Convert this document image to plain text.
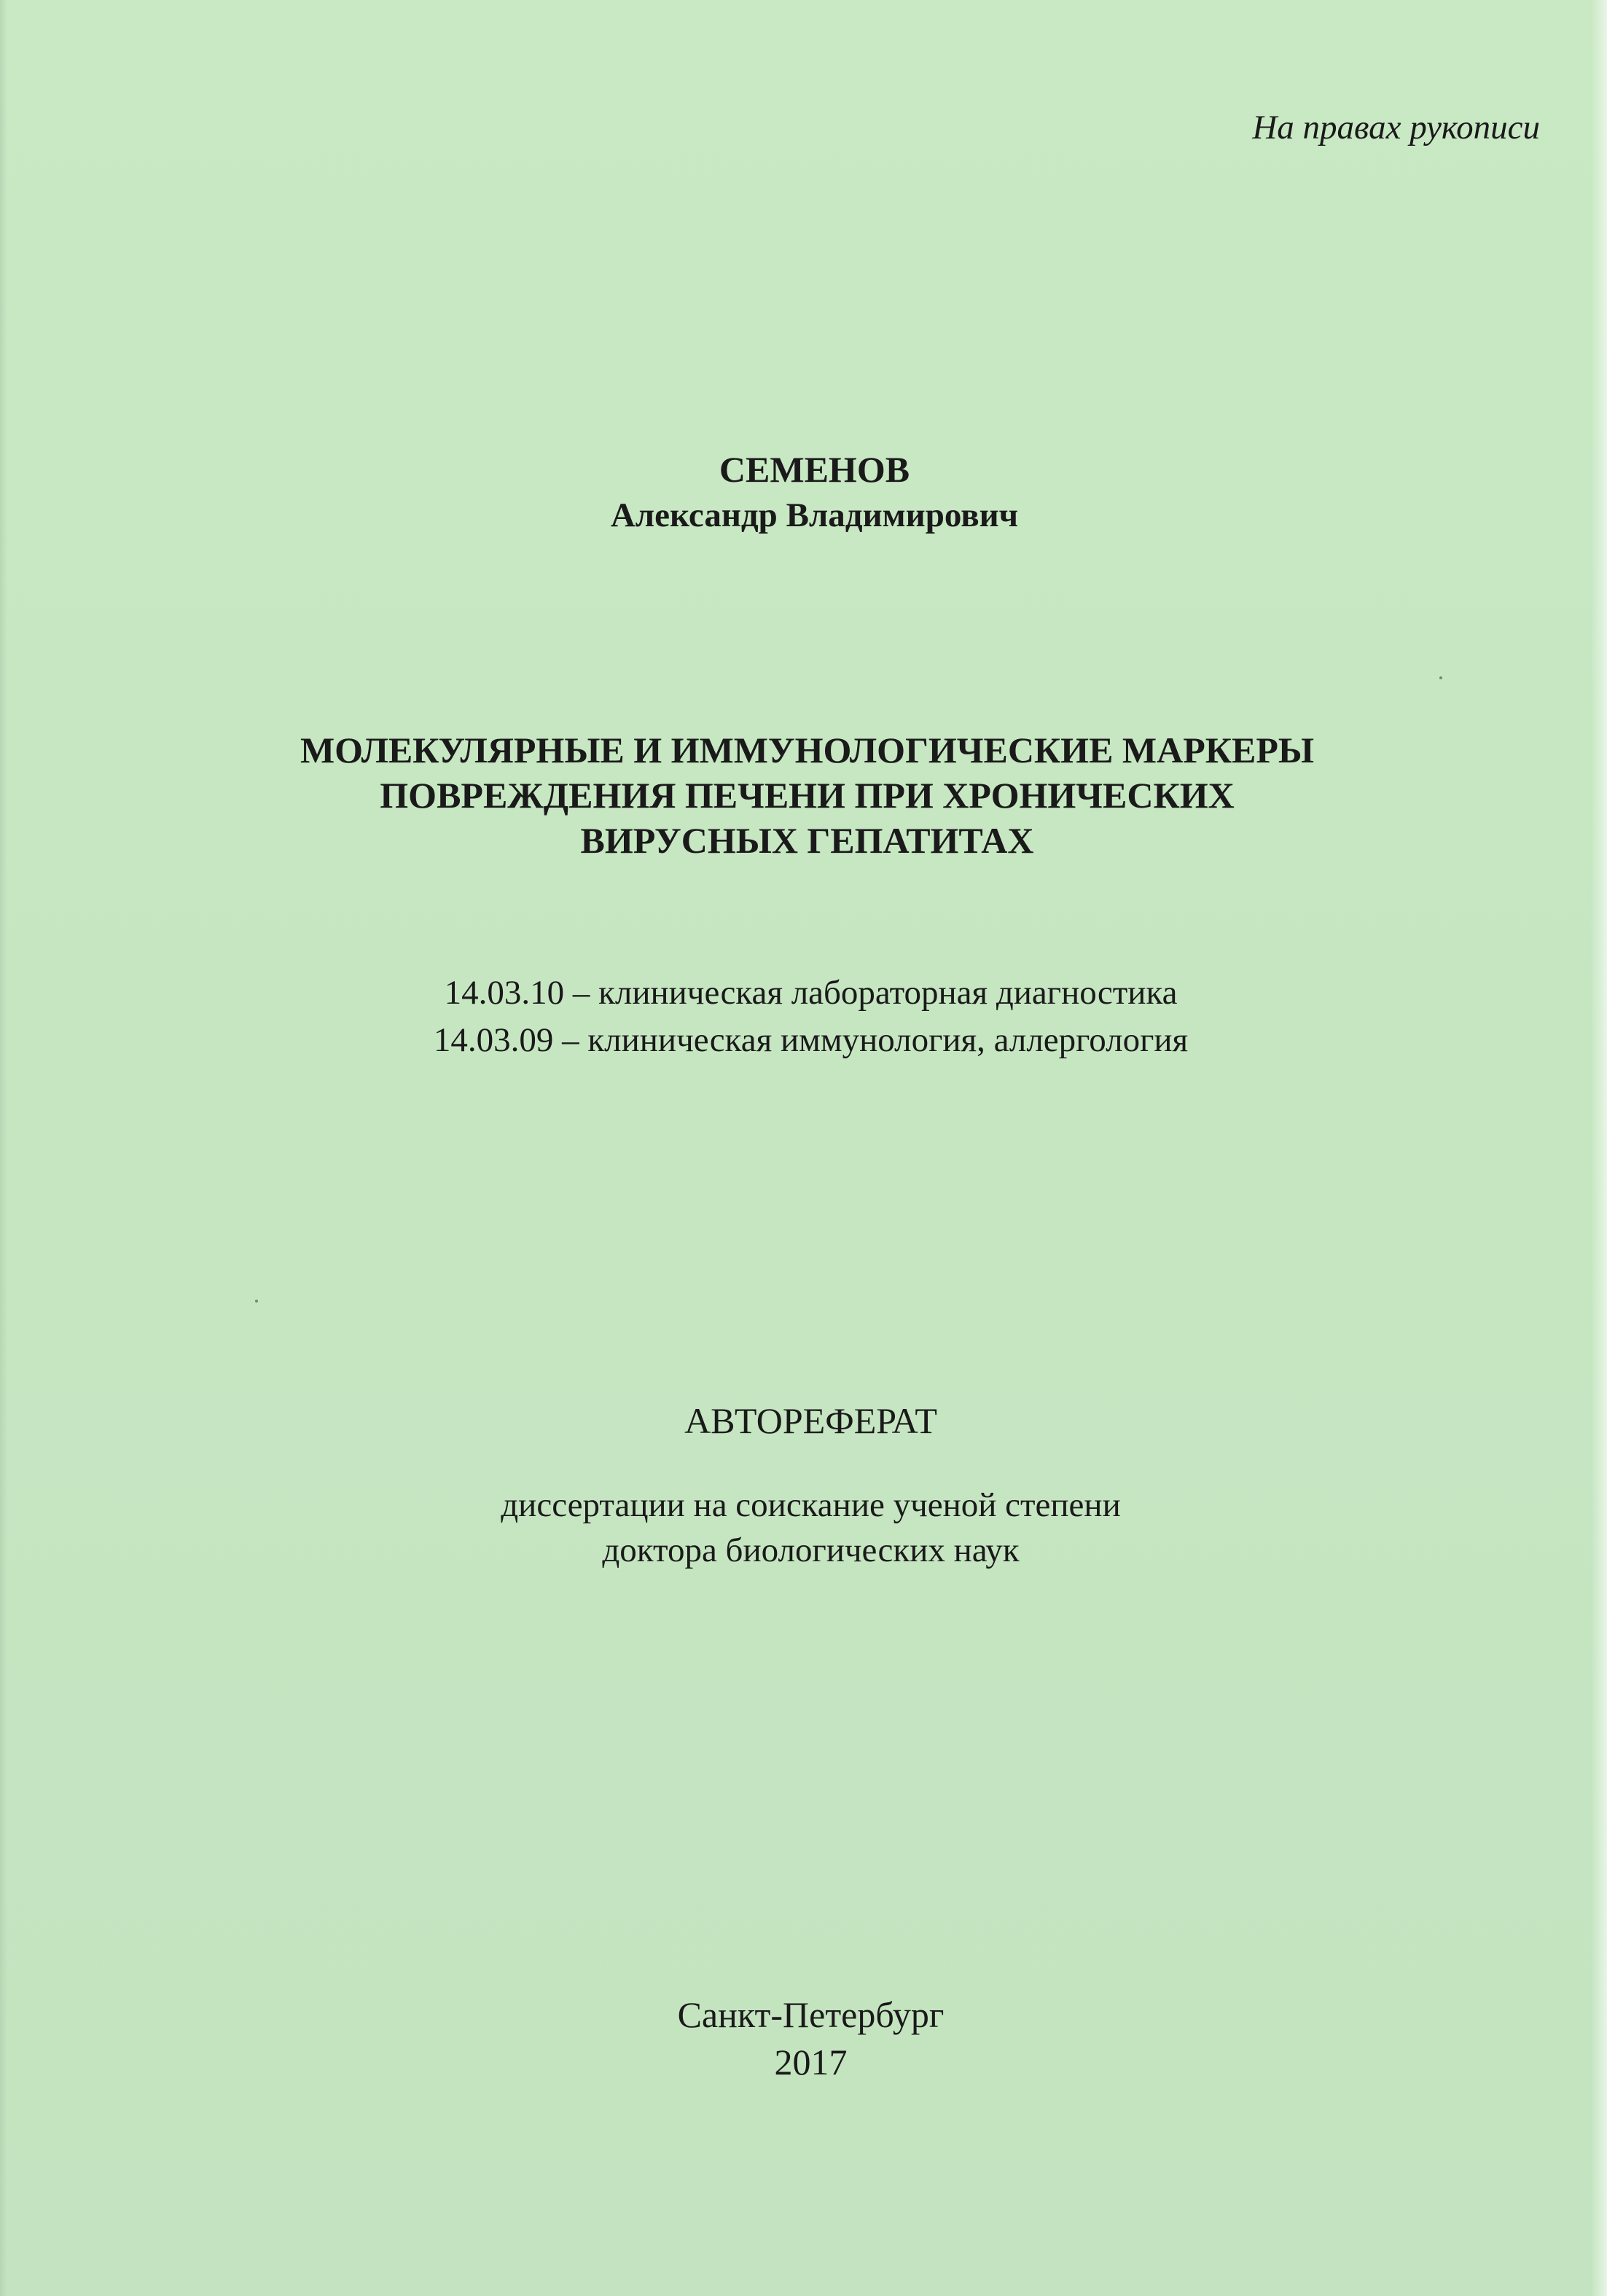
На правах рукописи
СЕМЕНОВ
Александр Владимирович
МОЛЕКУЛЯРНЫЕ И ИММУНОЛОГИЧЕСКИЕ МАРКЕРЫ
ПОВРЕЖДЕНИЯ ПЕЧЕНИ ПРИ ХРОНИЧЕСКИХ
ВИРУСНЫХ ГЕПАТИТАХ
14.03.10 – клиническая лабораторная диагностика
14.03.09 – клиническая иммунология, аллергология
АВТОРЕФЕРАТ
диссертации на соискание ученой степени
доктора биологических наук
Санкт-Петербург
2017
